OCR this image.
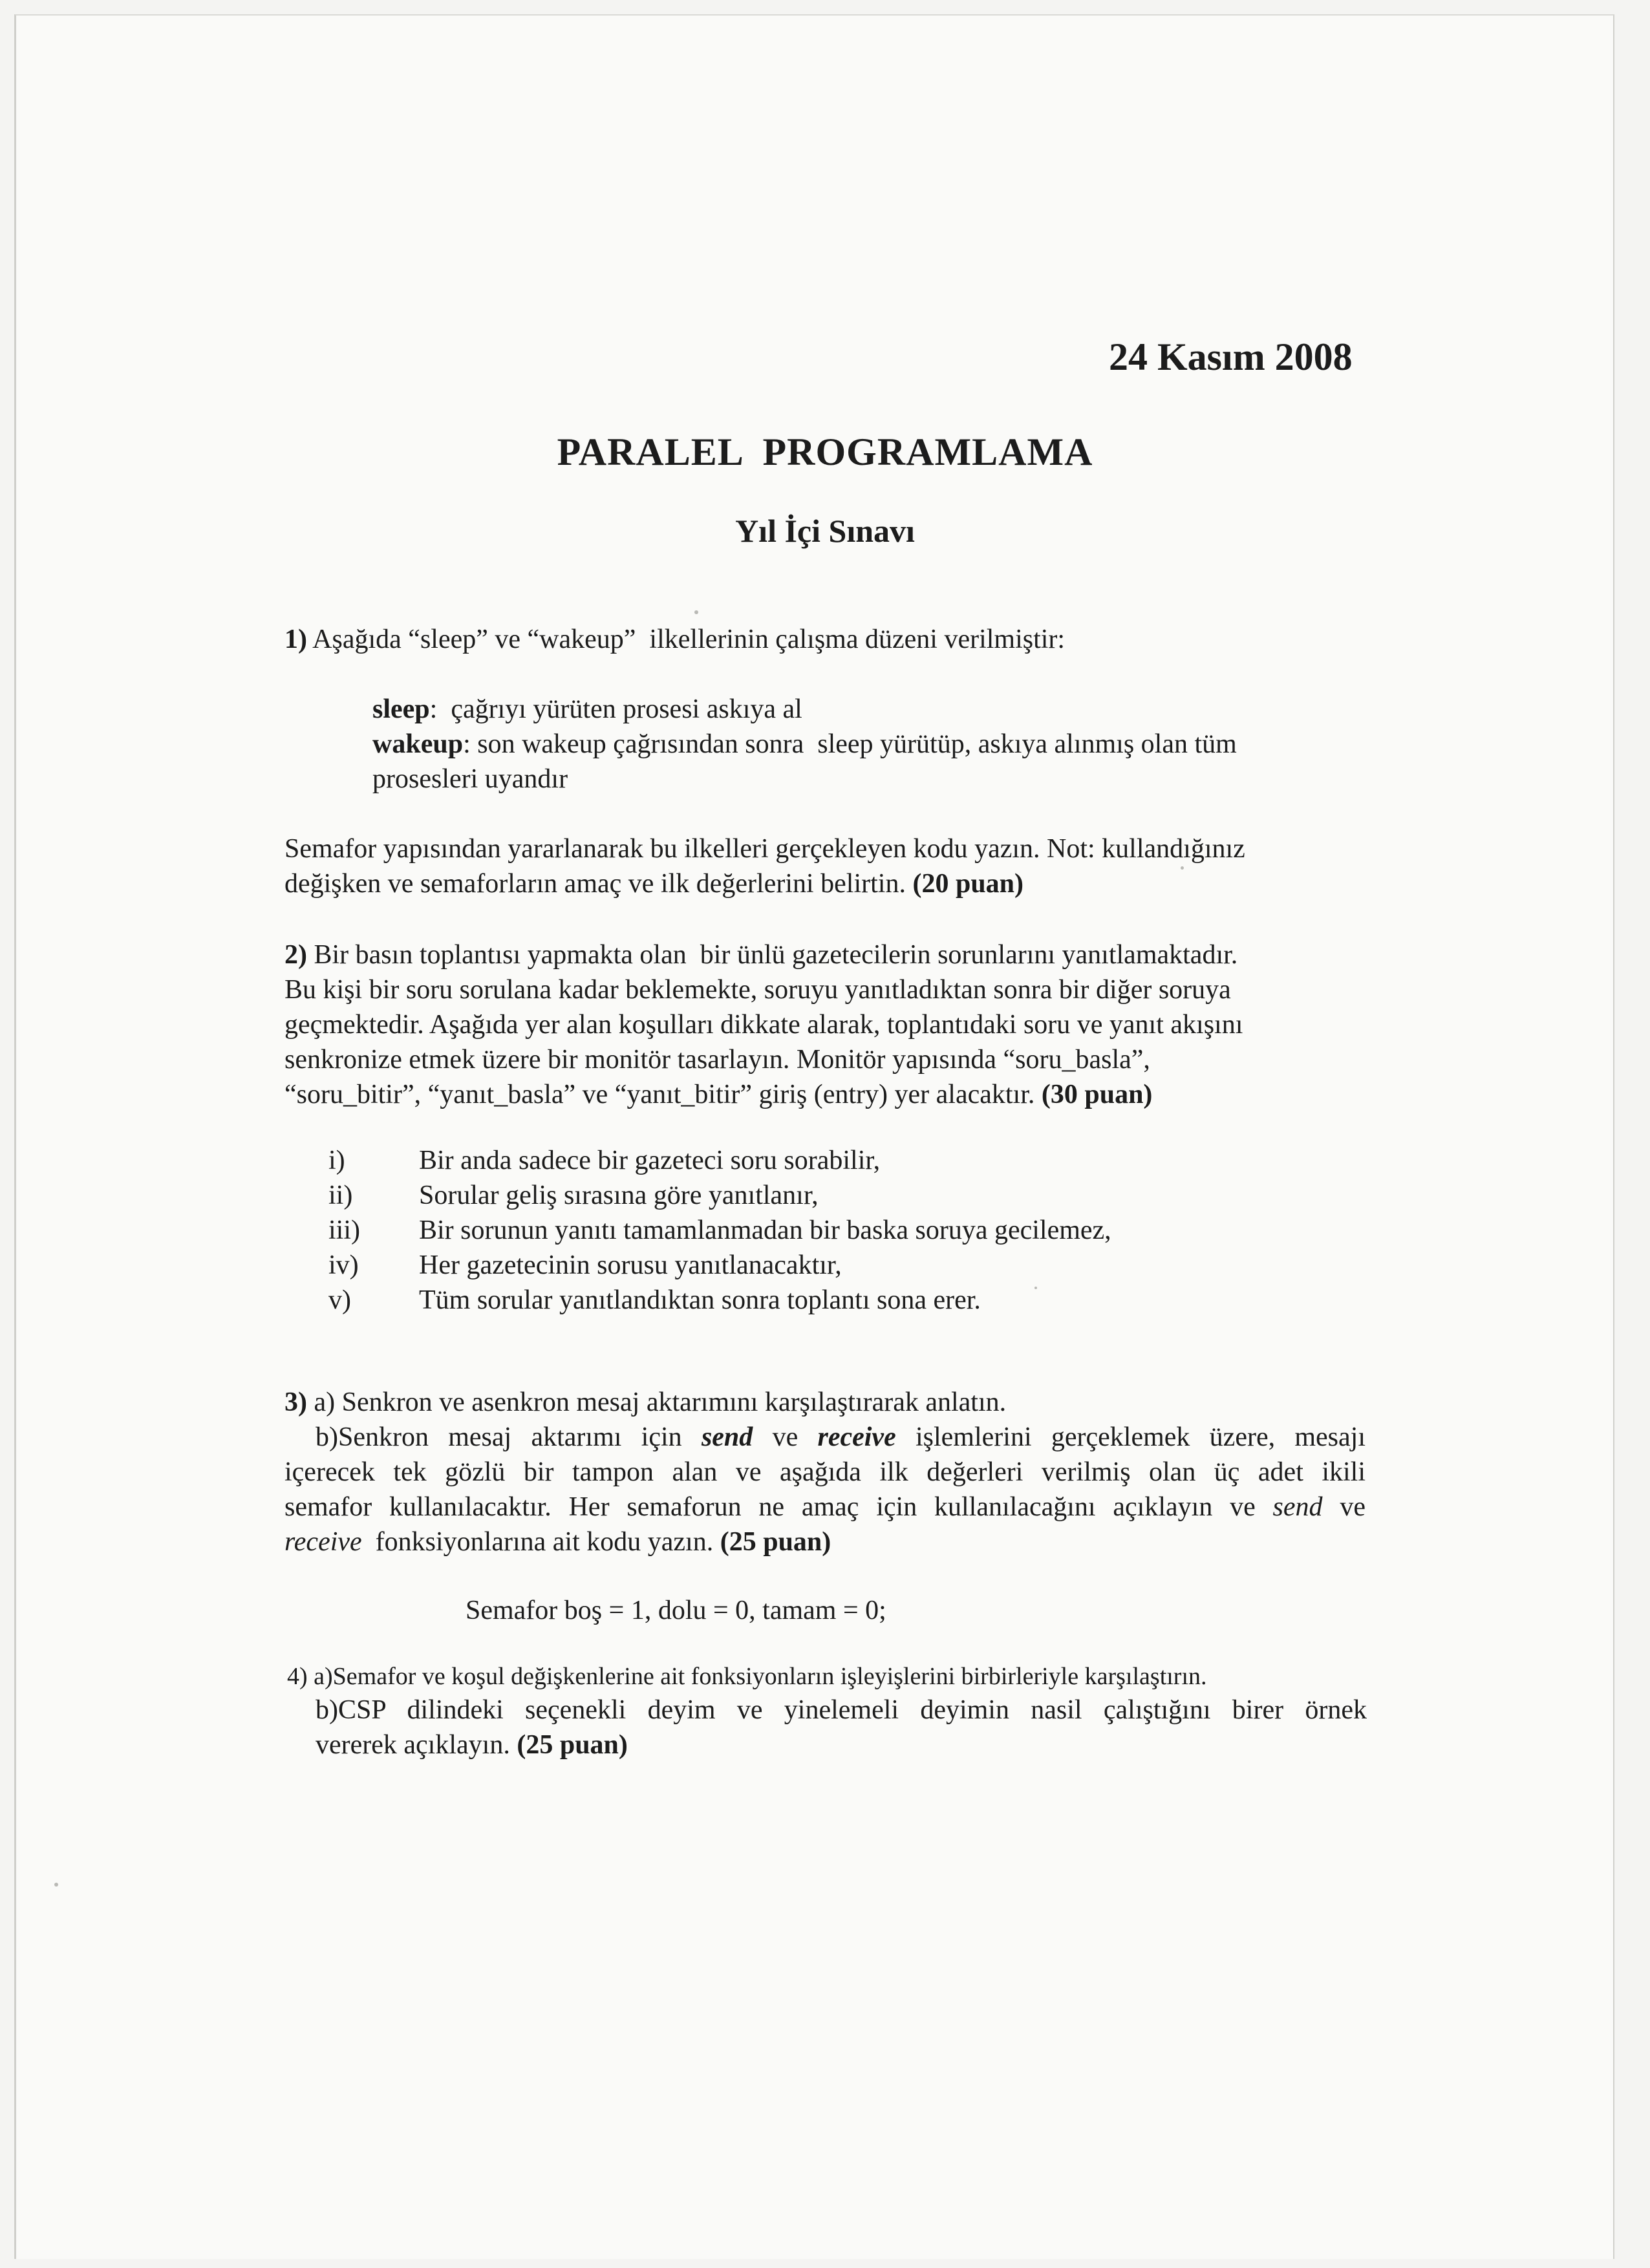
24 Kasım 2008
PARALEL  PROGRAMLAMA
Yıl İçi Sınavı
1) Aşağıda “sleep” ve “wakeup”  ilkellerinin çalışma düzeni verilmiştir:
sleep:  çağrıyı yürüten prosesi askıya al
wakeup: son wakeup çağrısından sonra  sleep yürütüp, askıya alınmış olan tüm
prosesleri uyandır
Semafor yapısından yararlanarak bu ilkelleri gerçekleyen kodu yazın. Not: kullandığınız
değişken ve semaforların amaç ve ilk değerlerini belirtin. (20 puan)
2) Bir basın toplantısı yapmakta olan  bir ünlü gazetecilerin sorunlarını yanıtlamaktadır.
Bu kişi bir soru sorulana kadar beklemekte, soruyu yanıtladıktan sonra bir diğer soruya
geçmektedir. Aşağıda yer alan koşulları dikkate alarak, toplantıdaki soru ve yanıt akışını
senkronize etmek üzere bir monitör tasarlayın. Monitör yapısında “soru_basla”,
“soru_bitir”, “yanıt_basla” ve “yanıt_bitir” giriş (entry) yer alacaktır. (30 puan)
i)	Bir anda sadece bir gazeteci soru sorabilir,
ii) Sorular geliş sırasına göre yanıtlanır,
iii) Bir sorunun yanıtı tamamlanmadan bir baska soruya gecilemez,
iv) Her gazetecinin sorusu yanıtlanacaktır,
v)	Tüm sorular yanıtlandıktan sonra toplantı sona erer.
3) a) Senkron ve asenkron mesaj aktarımını karşılaştırarak anlatın.
b)Senkron mesaj aktarımı için send ve receive işlemlerini gerçeklemek üzere, mesajı
içerecek tek gözlü bir tampon alan ve aşağıda ilk değerleri verilmiş olan üç adet ikili
semafor kullanılacaktır. Her semaforun ne amaç için kullanılacağını açıklayın ve send ve
receive  fonksiyonlarına ait kodu yazın. (25 puan)
Semafor boş = 1, dolu = 0, tamam = 0;
4) a)Semafor ve koşul değişkenlerine ait fonksiyonların işleyişlerini birbirleriyle karşılaştırın.
b)CSP dilindeki seçenekli deyim ve yinelemeli deyimin nasil çalıştığını birer örnek
vererek açıklayın. (25 puan)
